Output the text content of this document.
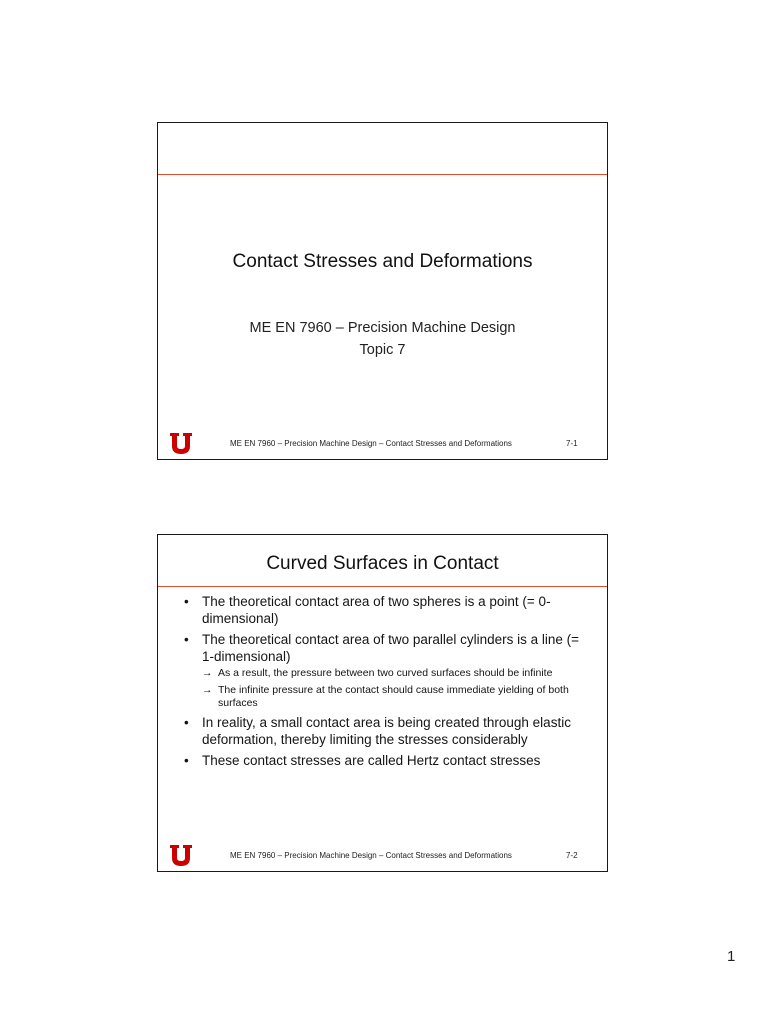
Contact Stresses and Deformations
ME EN 7960 – Precision Machine Design
Topic 7
ME EN 7960 – Precision Machine Design – Contact Stresses and Deformations	7-1
Curved Surfaces in Contact
• The theoretical contact area of two spheres is a point (= 0-dimensional)
• The theoretical contact area of two parallel cylinders is a line (= 1-dimensional)
→ As a result, the pressure between two curved surfaces should be infinite
→ The infinite pressure at the contact should cause immediate yielding of both surfaces
• In reality, a small contact area is being created through elastic deformation, thereby limiting the stresses considerably
• These contact stresses are called Hertz contact stresses
ME EN 7960 – Precision Machine Design – Contact Stresses and Deformations	7-2
1
